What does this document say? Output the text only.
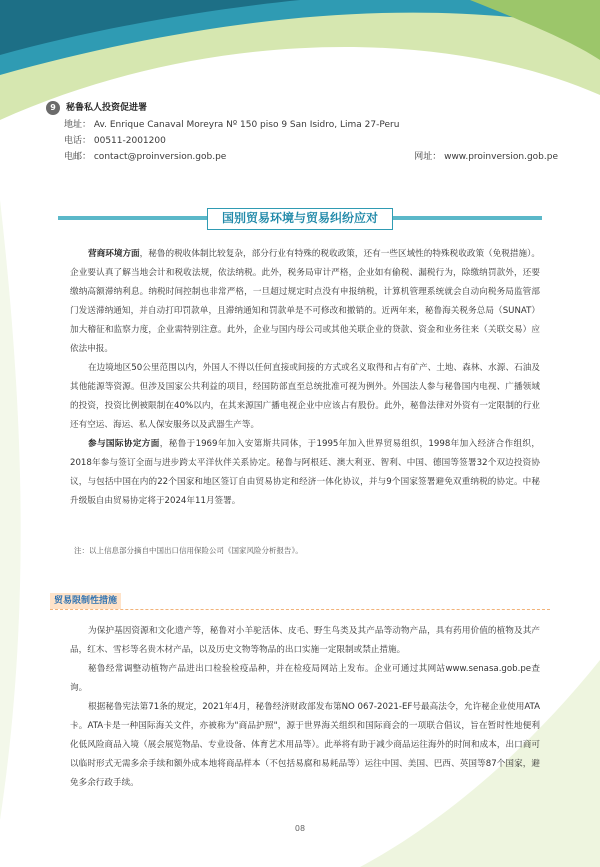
9	秘鲁私人投资促进署
地址： Av. Enrique Canaval Moreyra Nº 150 piso 9 San Isidro, Lima 27-Peru
电话： 00511-2001200
电邮： contact@proinversion.gob.pe	网址： www.proinversion.gob.pe
国别贸易环境与贸易纠纷应对

营商环境方面，秘鲁的税收体制比较复杂，部分行业有特殊的税收政策，还有一些区域性的特殊税收政策（免税措施）。企业要认真了解当地会计和税收法规，依法纳税。此外，税务局审计严格，企业如有偷税、漏税行为，除缴纳罚款外，还要缴纳高额滞纳利息。纳税时间控制也非常严格，一旦超过规定时点没有申报纳税，计算机管理系统就会自动向税务局监管部门发送滞纳通知，并自动打印罚款单，且滞纳通知和罚款单是不可修改和撤销的。近两年来，秘鲁海关税务总局（SUNAT）加大稽征和监察力度，企业需特别注意。此外，企业与国内母公司或其他关联企业的贷款、资金和业务往来（关联交易）应依法申报。

在边境地区50公里范围以内，外国人不得以任何直接或间接的方式或名义取得和占有矿产、土地、森林、水源、石油及其他能源等资源。但涉及国家公共利益的项目，经国防部直至总统批准可视为例外。外国法人参与秘鲁国内电视、广播领域的投资，投资比例被限制在40%以内，在其来源国广播电视企业中应该占有股份。此外，秘鲁法律对外资有一定限制的行业还有空运、海运、私人保安服务以及武器生产等。

参与国际协定方面，秘鲁于1969年加入安第斯共同体，于1995年加入世界贸易组织，1998年加入经济合作组织，2018年参与签订全面与进步跨太平洋伙伴关系协定。秘鲁与阿根廷、澳大利亚、智利、中国、德国等签署32个双边投资协议，与包括中国在内的22个国家和地区签订自由贸易协定和经济一体化协议，并与9个国家签署避免双重纳税的协定。中秘升级版自由贸易协定将于2024年11月签署。

注：以上信息部分摘自中国出口信用保险公司《国家风险分析报告》。
贸易限制性措施

为保护基因资源和文化遗产等，秘鲁对小羊驼活体、皮毛、野生鸟类及其产品等动物产品，具有药用价值的植物及其产品，红木、雪杉等名贵木材产品，以及历史文物等物品的出口实施一定限制或禁止措施。

秘鲁经常调整动植物产品进出口检验检疫品种，并在检疫局网站上发布。企业可通过其网站www.senasa.gob.pe查询。

根据秘鲁宪法第71条的规定，2021年4月，秘鲁经济财政部发布第NO 067-2021-EF号最高法令，允许秘企业使用ATA卡。ATA卡是一种国际海关文件，亦被称为"商品护照"，源于世界海关组织和国际商会的一项联合倡议，旨在暂时性地便利化低风险商品入境（展会展览物品、专业设备、体育艺术用品等）。此举将有助于减少商品运往海外的时间和成本，出口商可以临时形式无需多余手续和额外成本地将商品样本（不包括易腐和易耗品等）运往中国、美国、巴西、英国等87个国家，避免多余行政手续。

08
